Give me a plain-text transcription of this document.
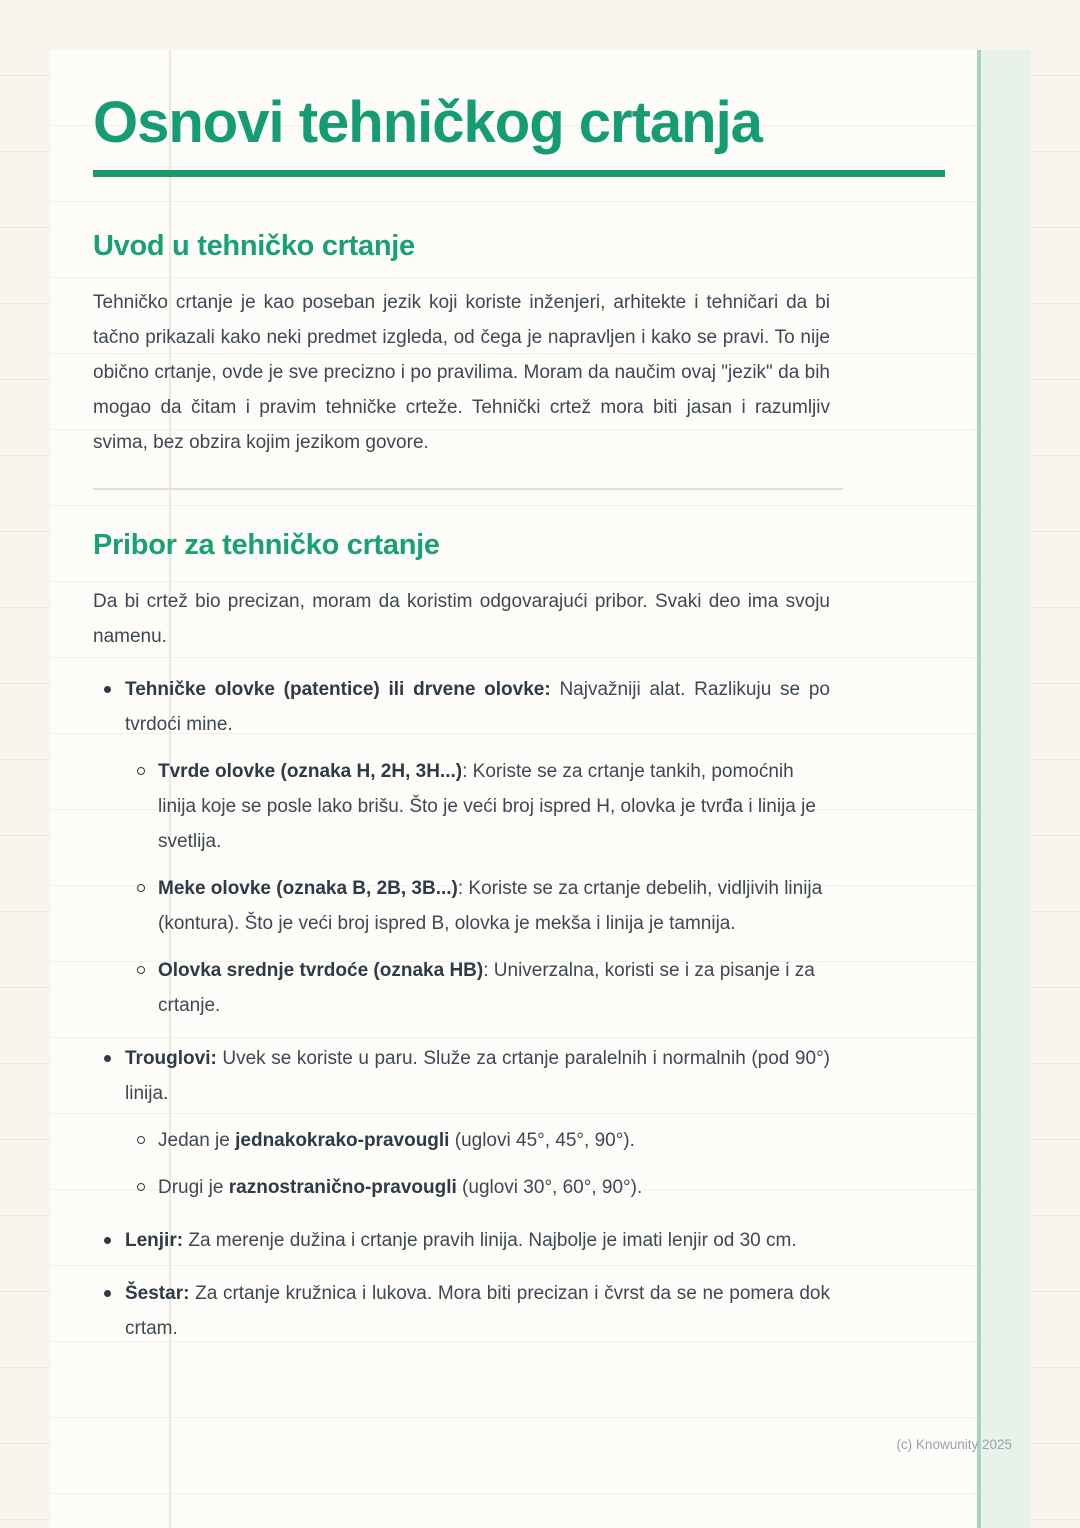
Osnovi tehničkog crtanja
Uvod u tehničko crtanje

Tehničko crtanje je kao poseban jezik koji koriste inženjeri, arhitekte i tehničari da bi tačno prikazali kako neki predmet izgleda, od čega je napravljen i kako se pravi. To nije obično crtanje, ovde je sve precizno i po pravilima. Moram da naučim ovaj "jezik" da bih mogao da čitam i pravim tehničke crteže. Tehnički crtež mora biti jasan i razumljiv svima, bez obzira kojim jezikom govore.

Pribor za tehničko crtanje

Da bi crtež bio precizan, moram da koristim odgovarajući pribor. Svaki deo ima svoju namenu.

Tehničke olovke (patentice) ili drvene olovke: Najvažniji alat. Razlikuju se po tvrdoći mine.
Tvrde olovke (oznaka H, 2H, 3H...): Koriste se za crtanje tankih, pomoćnih linija koje se posle lako brišu. Što je veći broj ispred H, olovka je tvrđa i linija je svetlija.
Meke olovke (oznaka B, 2B, 3B...): Koriste se za crtanje debelih, vidljivih linija (kontura). Što je veći broj ispred B, olovka je mekša i linija je tamnija.
Olovka srednje tvrdoće (oznaka HB): Univerzalna, koristi se i za pisanje i za crtanje.
Trouglovi: Uvek se koriste u paru. Služe za crtanje paralelnih i normalnih (pod 90°) linija.
Jedan je jednakokrako-pravougli (uglovi 45°, 45°, 90°).
Drugi je raznostranično-pravougli (uglovi 30°, 60°, 90°).
Lenjir: Za merenje dužina i crtanje pravih linija. Najbolje je imati lenjir od 30 cm.
Šestar: Za crtanje kružnica i lukova. Mora biti precizan i čvrst da se ne pomera dok crtam.
(c) Knowunity 2025
